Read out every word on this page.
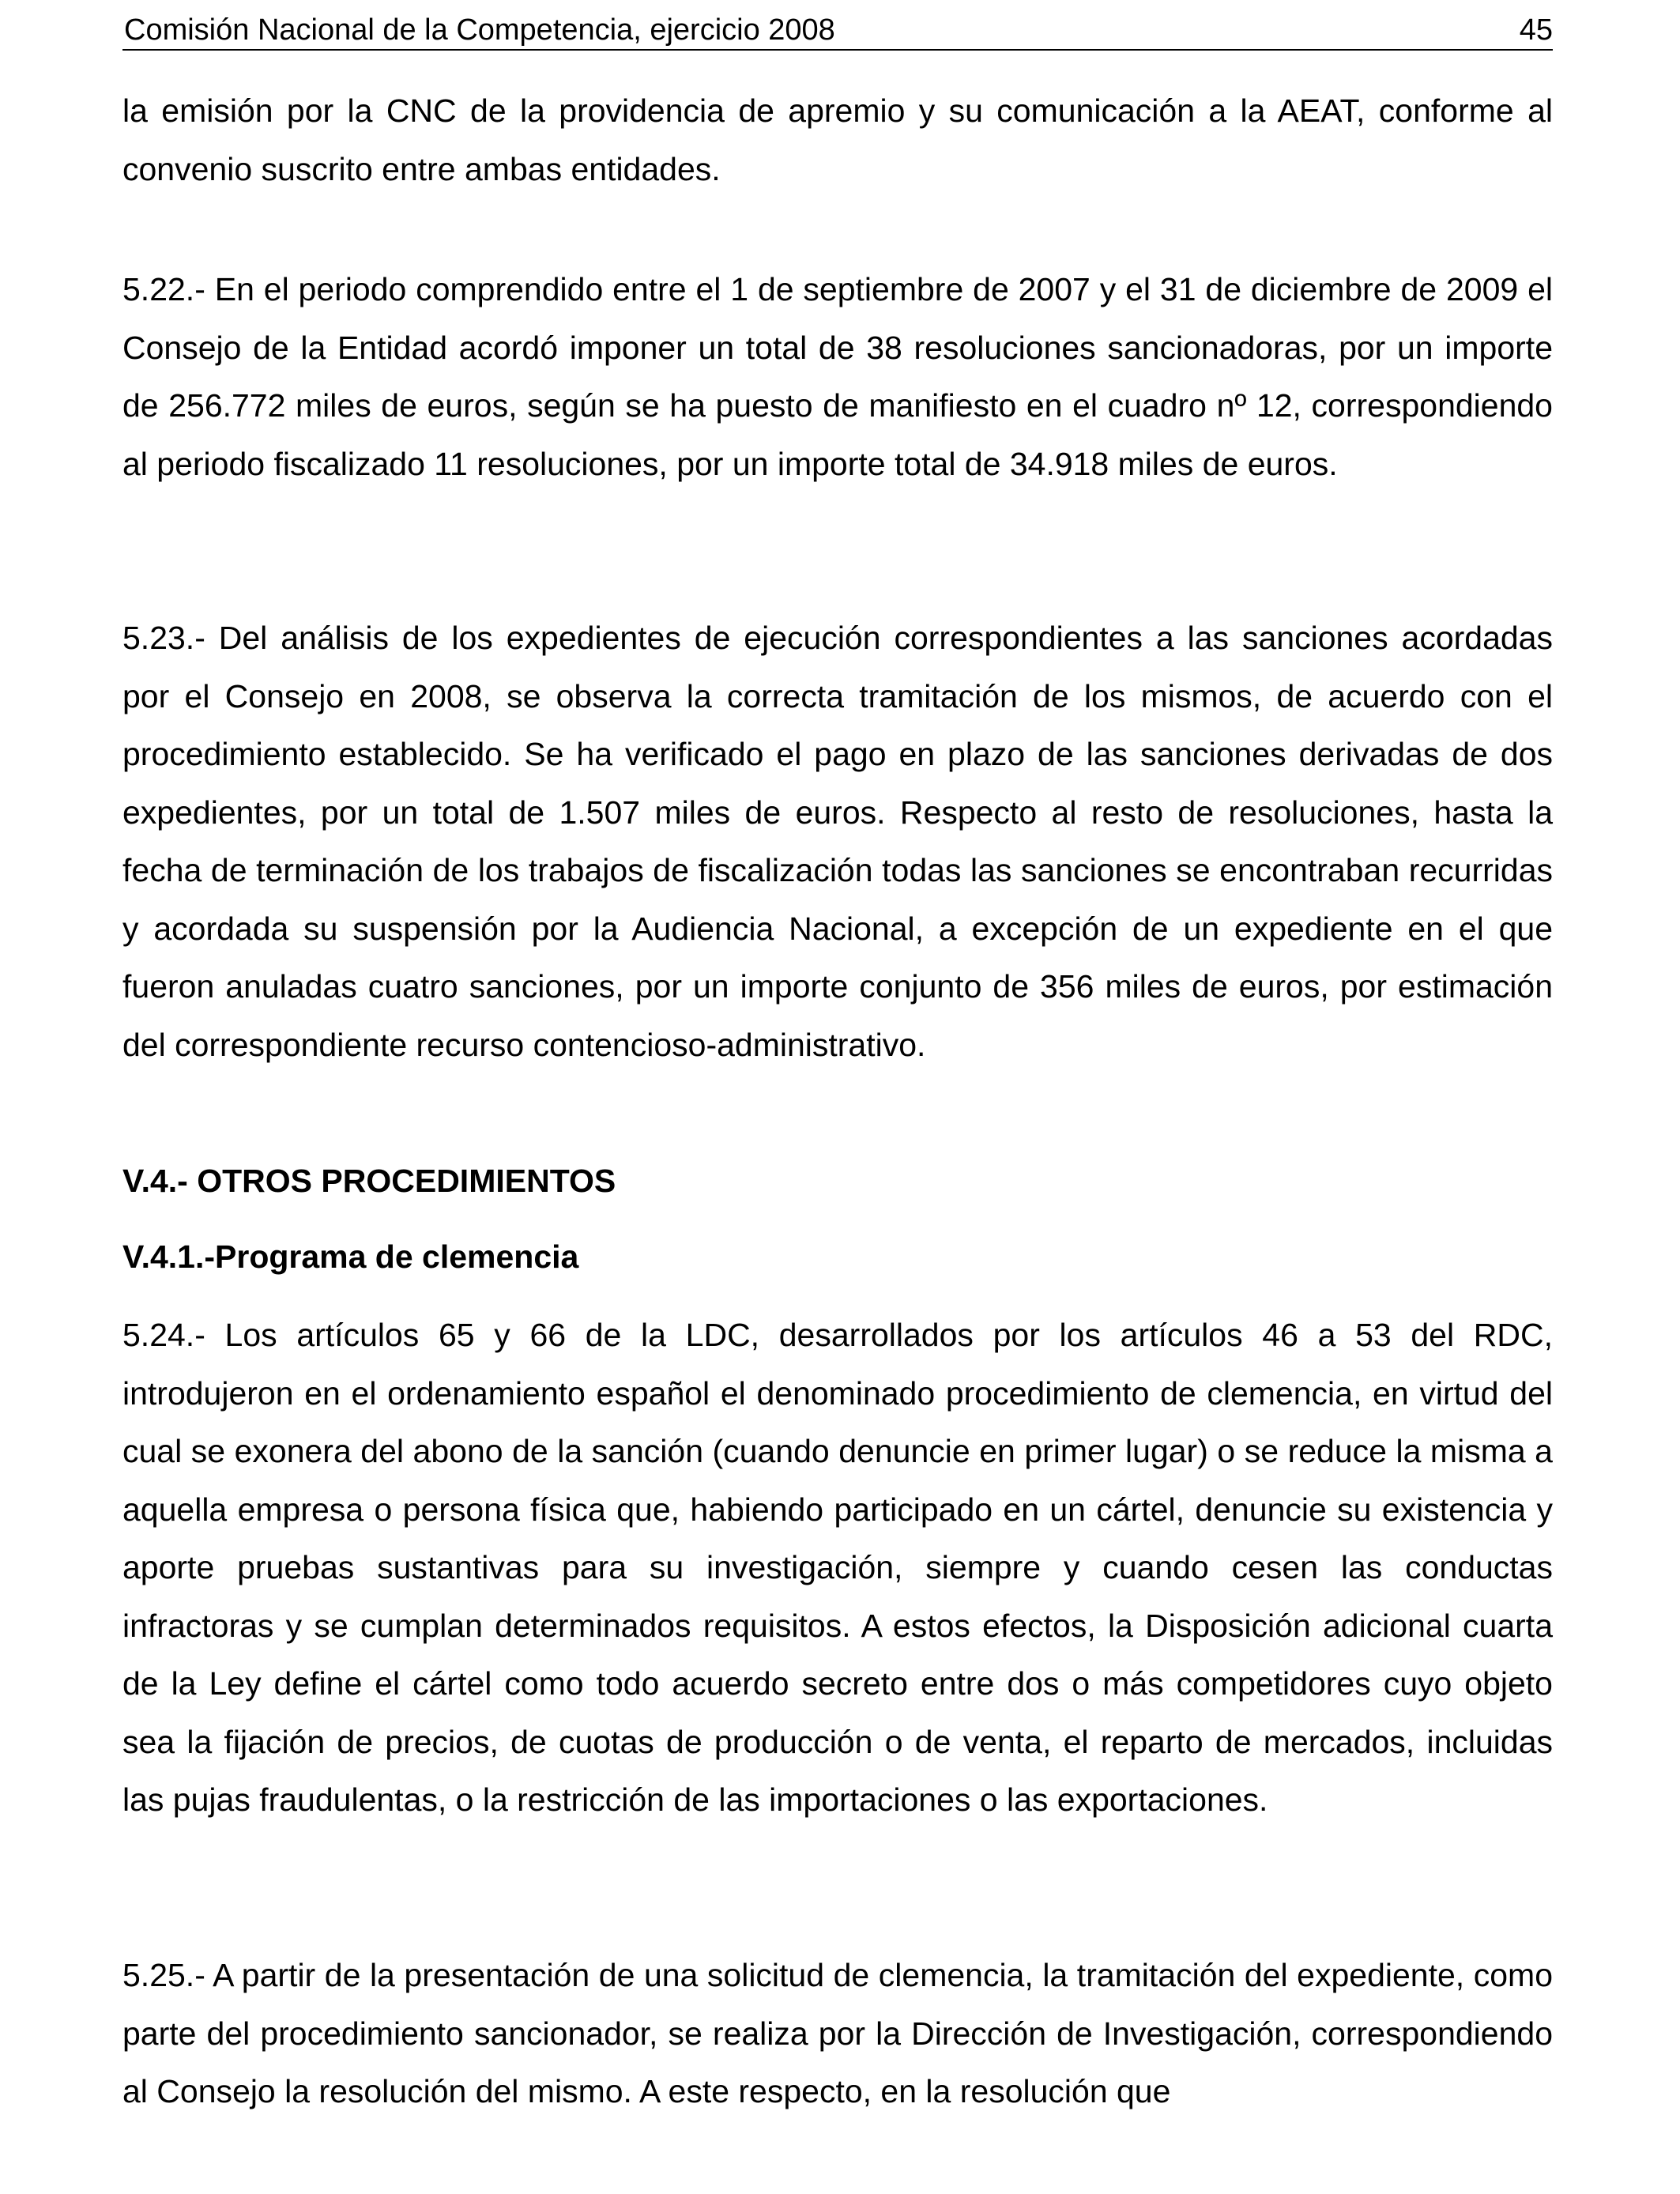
Comisión Nacional de la Competencia, ejercicio 2008	45

la emisión por la CNC de la providencia de apremio y su comunicación a la AEAT, conforme al convenio suscrito entre ambas entidades.

5.22.- En el periodo comprendido entre el 1 de septiembre de 2007 y el 31 de diciembre de 2009 el Consejo de la Entidad acordó imponer un total de 38 resoluciones sancionadoras, por un importe de 256.772 miles de euros, según se ha puesto de manifiesto en el cuadro nº 12, correspondiendo al periodo fiscalizado 11 resoluciones, por un importe total de 34.918 miles de euros.

5.23.- Del análisis de los expedientes de ejecución correspondientes a las sanciones acordadas por el Consejo en 2008, se observa la correcta tramitación de los mismos, de acuerdo con el procedimiento establecido. Se ha verificado el pago en plazo de las sanciones derivadas de dos expedientes, por un total de 1.507 miles de euros. Respecto al resto de resoluciones, hasta la fecha de terminación de los trabajos de fiscalización todas las sanciones se encontraban recurridas y acordada su suspensión por la Audiencia Nacional, a excepción de un expediente en el que fueron anuladas cuatro sanciones, por un importe conjunto de 356 miles de euros, por estimación del correspondiente recurso contencioso-administrativo.

V.4.- OTROS PROCEDIMIENTOS
V.4.1.-Programa de clemencia

5.24.- Los artículos 65 y 66 de la LDC, desarrollados por los artículos 46 a 53 del RDC, introdujeron en el ordenamiento español el denominado procedimiento de clemencia, en virtud del cual se exonera del abono de la sanción (cuando denuncie en primer lugar) o se reduce la misma a aquella empresa o persona física que, habiendo participado en un cártel, denuncie su existencia y aporte pruebas sustantivas para su investigación, siempre y cuando cesen las conductas infractoras y se cumplan determinados requisitos. A estos efectos, la Disposición adicional cuarta de la Ley define el cártel como todo acuerdo secreto entre dos o más competidores cuyo objeto sea la fijación de precios, de cuotas de producción o de venta, el reparto de mercados, incluidas las pujas fraudulentas, o la restricción de las importaciones o las exportaciones.

5.25.- A partir de la presentación de una solicitud de clemencia, la tramitación del expediente, como parte del procedimiento sancionador, se realiza por la Dirección de Investigación, correspondiendo al Consejo la resolución del mismo. A este respecto, en la resolución que
